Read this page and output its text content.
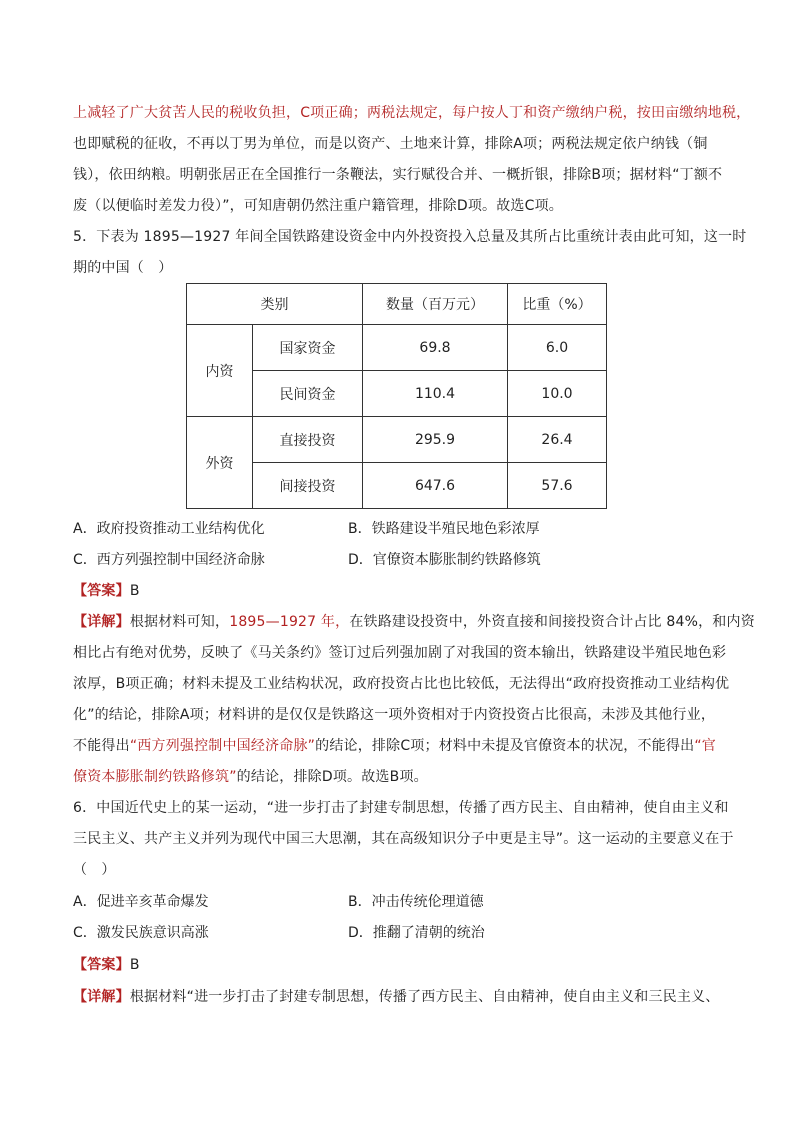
上减轻了广大贫苦人民的税收负担，C项正确；两税法规定，每户按人丁和资产缴纳户税，按田亩缴纳地税，
也即赋税的征收，不再以丁男为单位，而是以资产、土地来计算，排除A项；两税法规定依户纳钱（铜
钱），依田纳粮。明朝张居正在全国推行一条鞭法，实行赋役合并、一概折银，排除B项；据材料“丁额不
废（以便临时差发力役）”，可知唐朝仍然注重户籍管理，排除D项。故选C项。
5．下表为 1895—1927 年间全国铁路建设资金中内外投资投入总量及其所占比重统计表由此可知，这一时
期的中国（　）
类别		数量（百万元）	比重（%）
内资	国家资金	69.8	6.0
	民间资金	110.4	10.0
外资	直接投资	295.9	26.4
	间接投资	647.6	57.6
A．政府投资推动工业结构优化	B．铁路建设半殖民地色彩浓厚
C．西方列强控制中国经济命脉	D．官僚资本膨胀制约铁路修筑
【答案】B
【详解】根据材料可知，1895—1927 年，在铁路建设投资中，外资直接和间接投资合计占比 84%，和内资
相比占有绝对优势，反映了《马关条约》签订过后列强加剧了对我国的资本输出，铁路建设半殖民地色彩
浓厚，B项正确；材料未提及工业结构状况，政府投资占比也比较低，无法得出“政府投资推动工业结构优
化”的结论，排除A项；材料讲的是仅仅是铁路这一项外资相对于内资投资占比很高，未涉及其他行业，
不能得出“西方列强控制中国经济命脉”的结论，排除C项；材料中未提及官僚资本的状况，不能得出“官
僚资本膨胀制约铁路修筑”的结论，排除D项。故选B项。
6．中国近代史上的某一运动，“进一步打击了封建专制思想，传播了西方民主、自由精神，使自由主义和
三民主义、共产主义并列为现代中国三大思潮，其在高级知识分子中更是主导”。这一运动的主要意义在于
（　）
A．促进辛亥革命爆发	B．冲击传统伦理道德
C．激发民族意识高涨	D．推翻了清朝的统治
【答案】B
【详解】根据材料“进一步打击了封建专制思想，传播了西方民主、自由精神，使自由主义和三民主义、
